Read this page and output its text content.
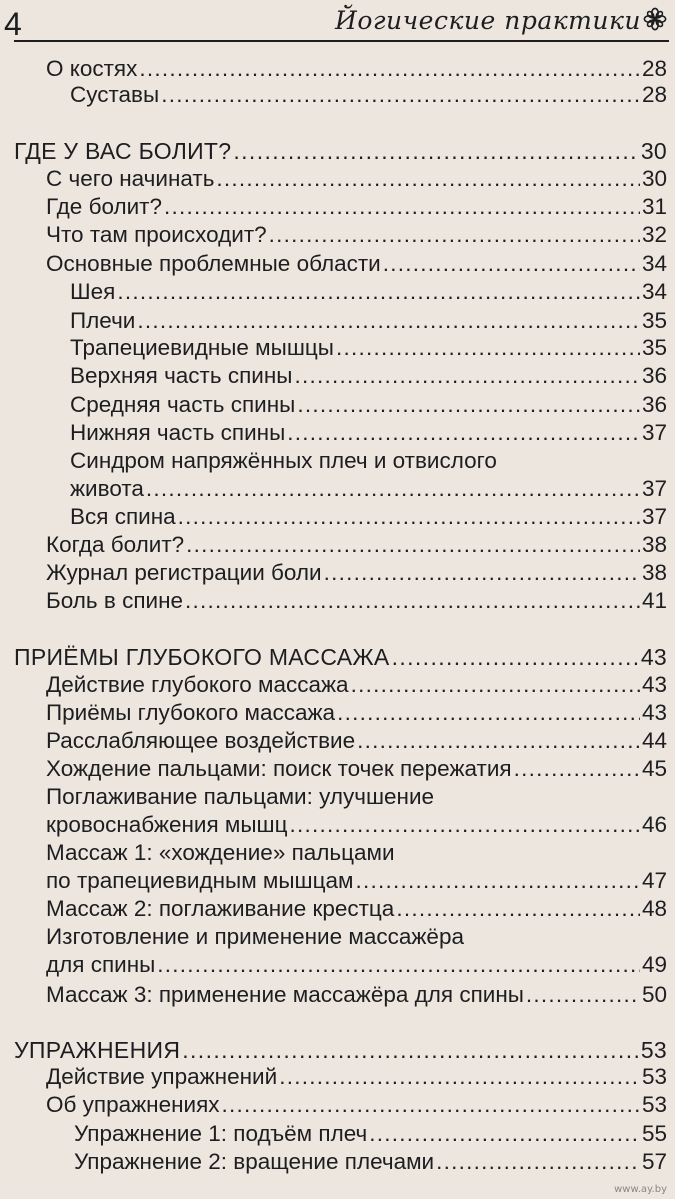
4	Йогические практики
О костях . . .	28
Суставы . . .	28
ГДЕ У ВАС БОЛИТ? . . .	30
С чего начинать . . .	30
Где болит? . . .	31
Что там происходит? . . .	32
Основные проблемные области . . .	34
Шея . . .	34
Плечи . . .	35
Трапециевидные мышцы . . .	35
Верхняя часть спины . . .	36
Средняя часть спины . . .	36
Нижняя часть спины . . .	37
Синдром напряжённых плеч и отвислого
живота . . .	37
Вся спина . . .	37
Когда болит? . . .	38
Журнал регистрации боли . . .	38
Боль в спине . . .	41
ПРИЁМЫ ГЛУБОКОГО МАССАЖА . . .	43
Действие глубокого массажа . . .	43
Приёмы глубокого массажа . . .	43
Расслабляющее воздействие . . .	44
Хождение пальцами: поиск точек пережатия . . .	45
Поглаживание пальцами: улучшение
кровоснабжения мышц . . .	46
Массаж 1: «хождение» пальцами
по трапециевидным мышцам . . .	47
Массаж 2: поглаживание крестца . . .	48
Изготовление и применение массажёра
для спины . . .	49
Массаж 3: применение массажёра для спины . . .	50
УПРАЖНЕНИЯ . . .	53
Действие упражнений . . .	53
Об упражнениях . . .	53
Упражнение 1: подъём плеч . . .	55
Упражнение 2: вращение плечами . . .	57
www.ay.by
